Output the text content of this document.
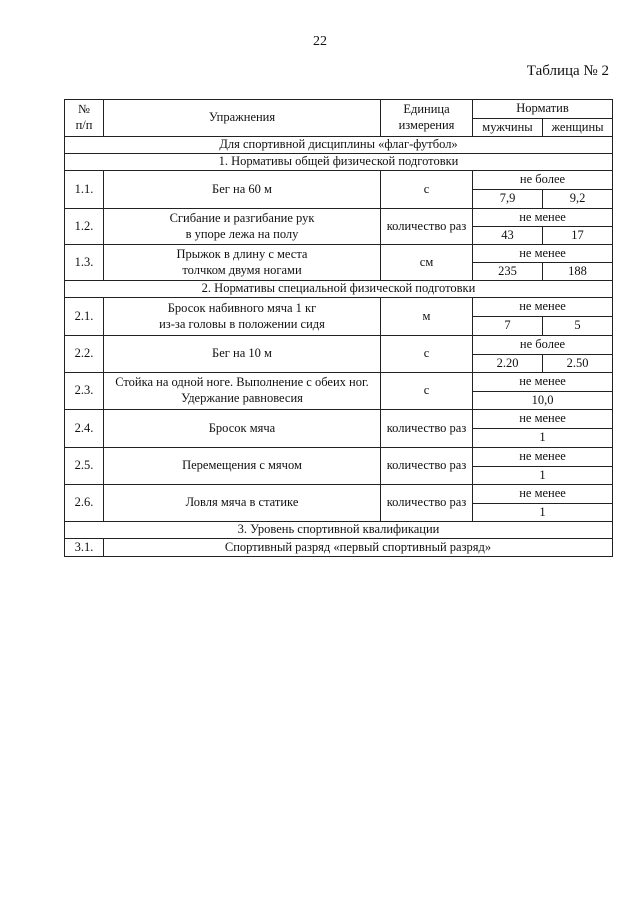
22
Таблица № 2
№
п/п	Упражнения	Единица
измерения	Норматив	
			мужчины	женщины
Для спортивной дисциплины «флаг-футбол»				
1. Нормативы общей физической подготовки				
1.1.	Бег на 60 м	с	не более	
			7,9	9,2
1.2.	Сгибание и разгибание рук
в упоре лежа на полу	количество раз	не менее	
			43	17
1.3.	Прыжок в длину с места
толчком двумя ногами	см	не менее	
			235	188
2. Нормативы специальной физической подготовки				
2.1.	Бросок набивного мяча 1 кг
из-за головы в положении сидя	м	не менее	
			7	5
2.2.	Бег на 10 м	с	не более	
			2.20	2.50
2.3.	Стойка на одной ноге. Выполнение с обеих ног.
Удержание равновесия	с	не менее	
			10,0	
2.4.	Бросок мяча	количество раз	не менее	
			1	
2.5.	Перемещения с мячом	количество раз	не менее	
			1	
2.6.	Ловля мяча в статике	количество раз	не менее	
			1	
3. Уровень спортивной квалификации				
3.1.	Спортивный разряд «первый спортивный разряд»			
